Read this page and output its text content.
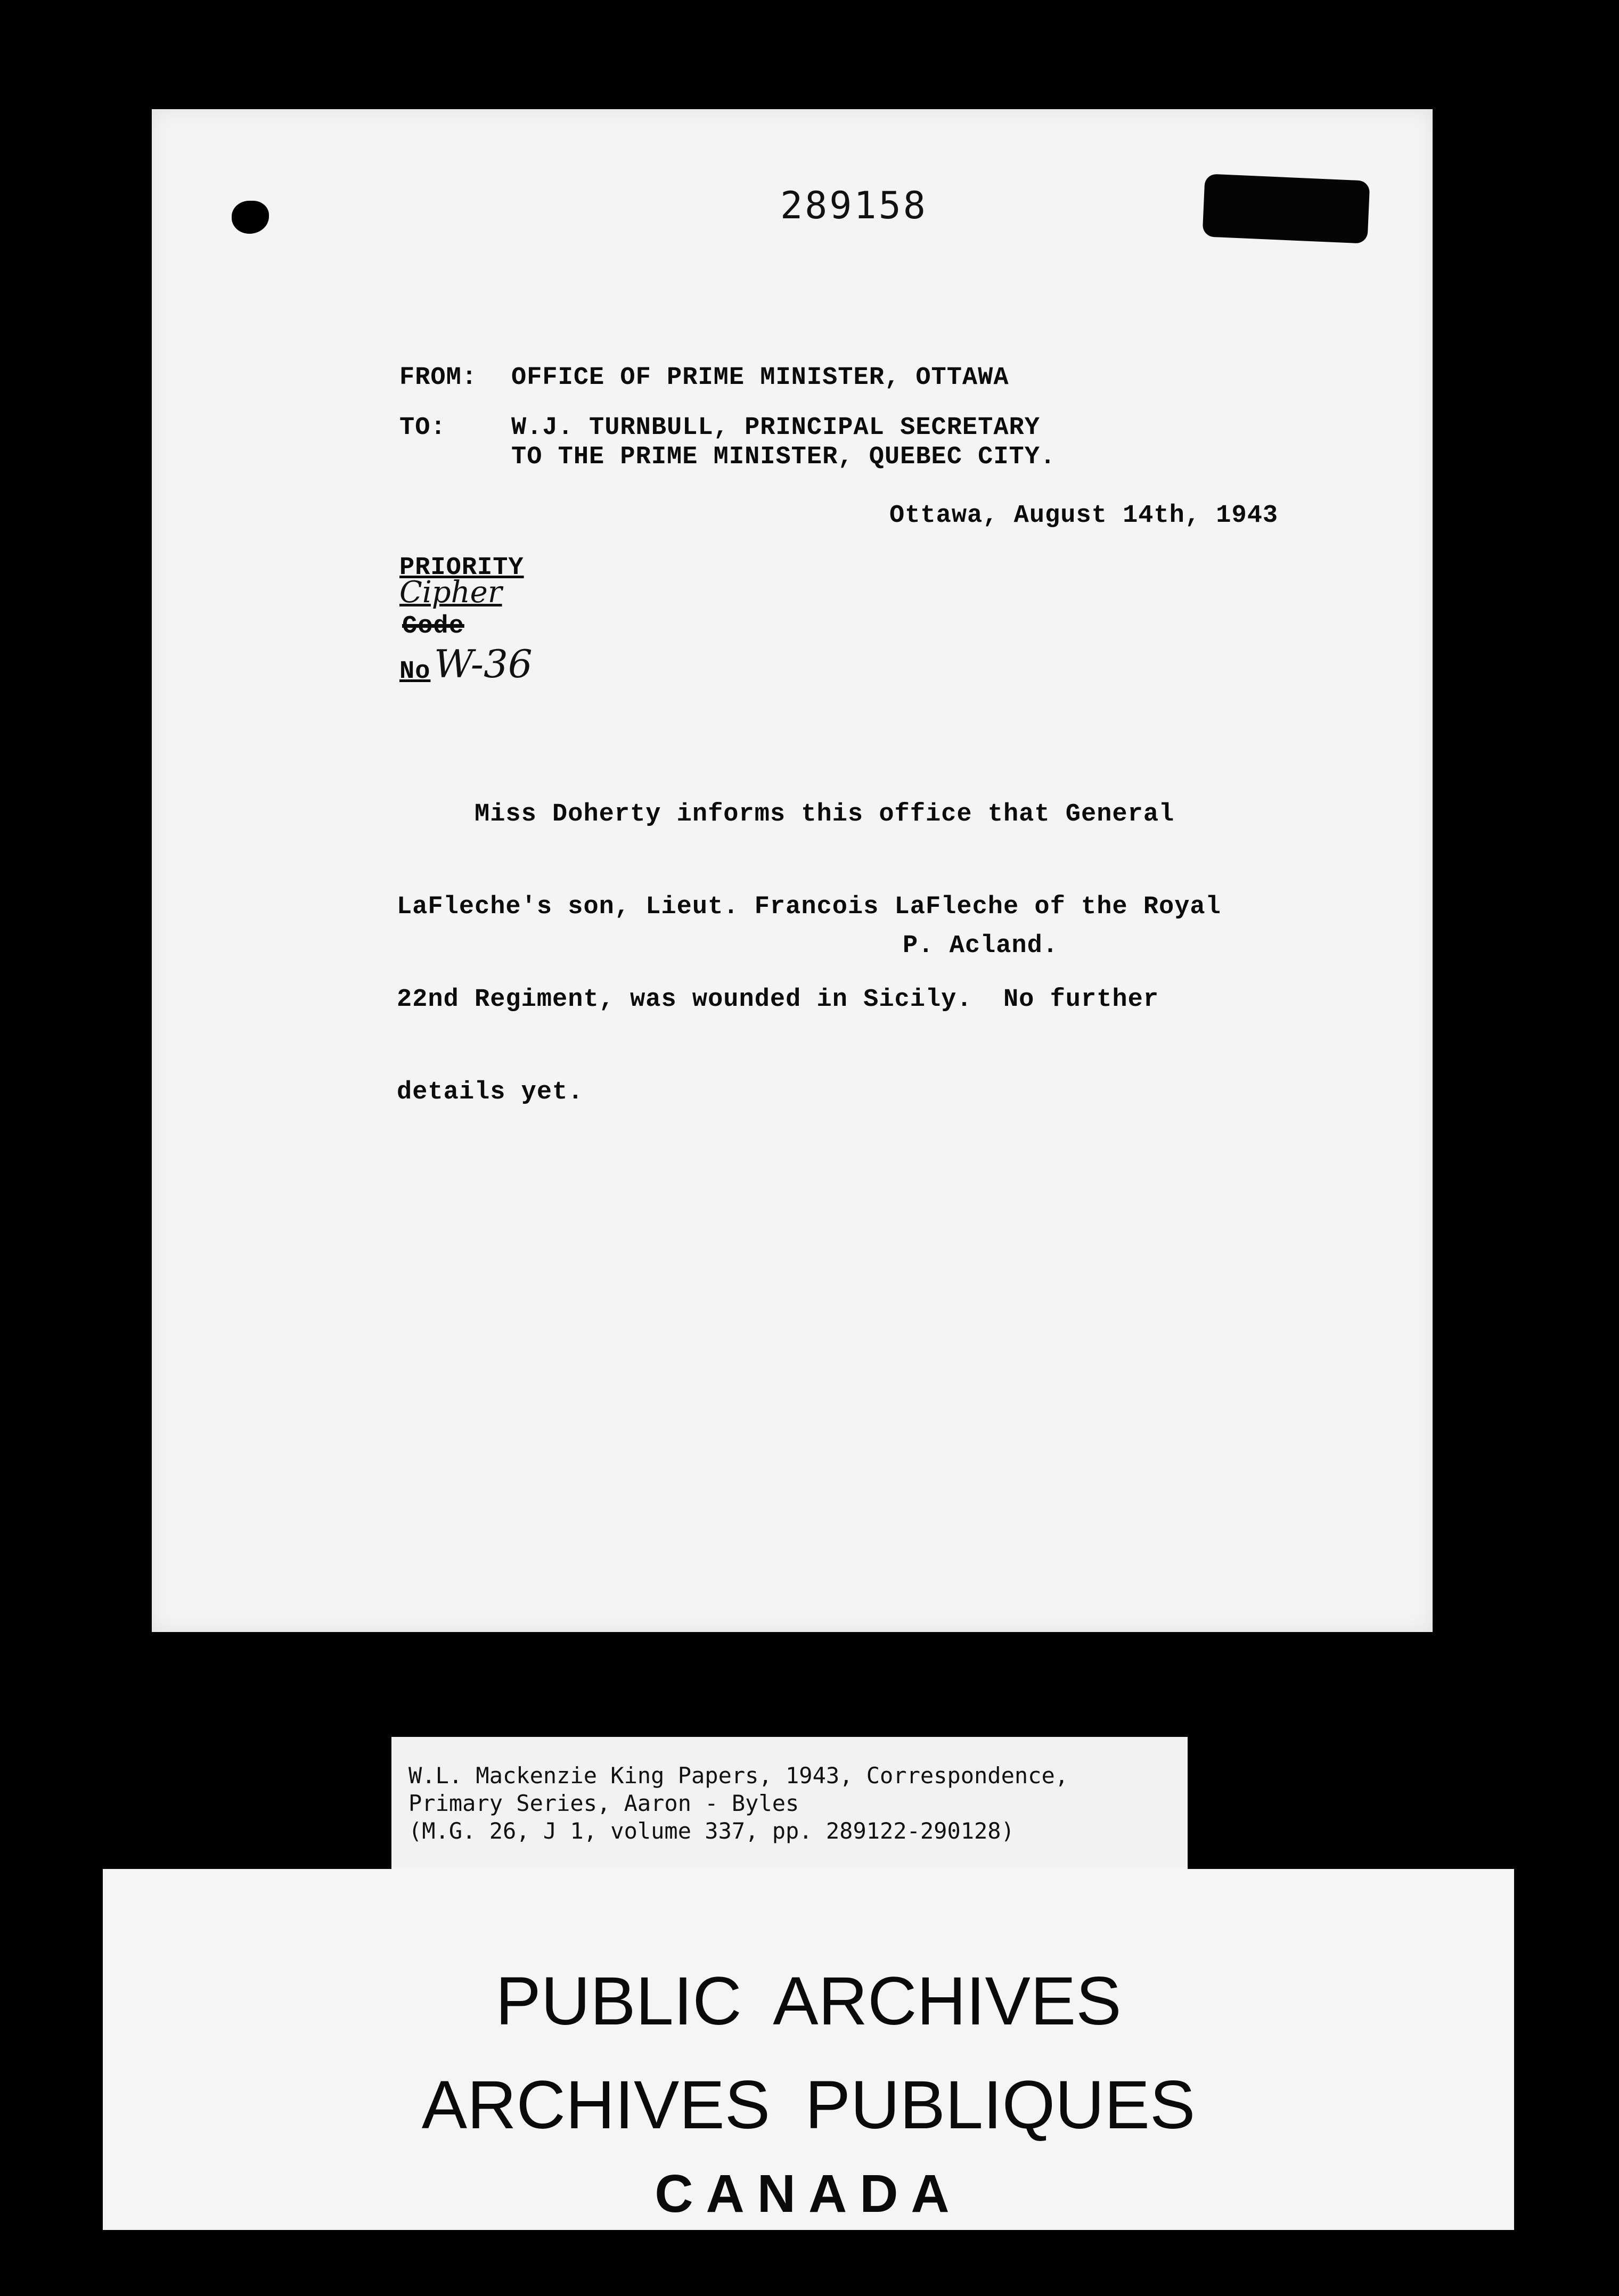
289158
FROM: OFFICE OF PRIME MINISTER, OTTAWA
TO:	W.J. TURNBULL, PRINCIPAL SECRETARY
TO THE PRIME MINISTER, QUEBEC CITY.
Ottawa, August 14th, 1943
PRIORITY
Cipher
Code
No W-36

Miss Doherty informs this office that General

LaFleche's son, Lieut. Francois LaFleche of the Royal

22nd Regiment, was wounded in Sicily.  No further

details yet.

P. Acland.
W.L. Mackenzie King Papers, 1943, Correspondence,
Primary Series, Aaron - Byles
(M.G. 26, J 1, volume 337, pp. 289122-290128)
PUBLIC ARCHIVES
ARCHIVES PUBLIQUES
CANADA
